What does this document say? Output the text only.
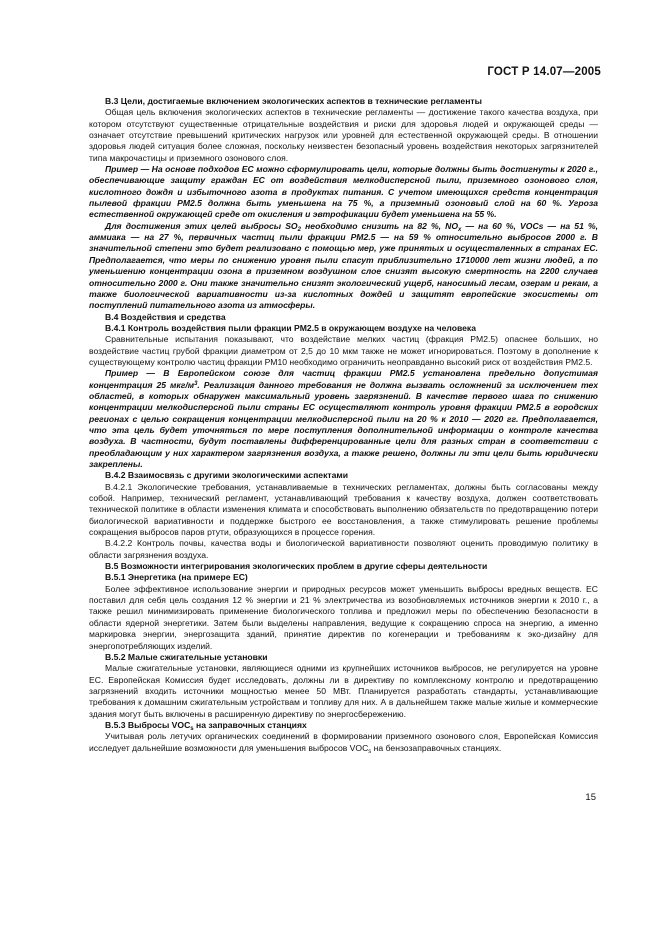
ГОСТ Р 14.07—2005

В.3 Цели, достигаемые включением экологических аспектов в технические регламенты

Общая цель включения экологических аспектов в технические регламенты — достижение такого качества воздуха, при котором отсутствуют существенные отрицательные воздействия и риски для здоровья людей и окружающей среды — означает отсутствие превышений критических нагрузок или уровней для естественной окружающей среды. В отношении здоровья людей ситуация более сложная, поскольку неизвестен безопасный уровень воздействия некоторых загрязнителей типа макрочастицы и приземного озонового слоя.

Пример — На основе подходов ЕС можно сформулировать цели, которые должны быть достигнуты к 2020 г., обеспечивающие защиту граждан ЕС от воздействия мелкодисперсной пыли, приземного озонового слоя, кислотного дождя и избыточного азота в продуктах питания. С учетом имеющихся средств концентрация пылевой фракции PM2.5 должна быть уменьшена на 75 %, а приземный озоновый слой на 60 %. Угроза естественной окружающей среде от окисления и эвтрофикации будет уменьшена на 55 %.

Для достижения этих целей выбросы $SO_2$ необходимо снизить на 82 %, $NO_x$ — на 60 %, VOCs — на 51 %, аммиака — на 27 %, первичных частиц пыли фракции PM2.5 — на 59 % относительно выбросов 2000 г. В значительной степени это будет реализовано с помощью мер, уже принятых и осуществленных в странах ЕС. Предполагается, что меры по снижению уровня пыли спасут приблизительно 1710000 лет жизни людей, а по уменьшению концентрации озона в приземном воздушном слое снизят высокую смертность на 2200 случаев относительно 2000 г. Они также значительно снизят экологический ущерб, наносимый лесам, озерам и рекам, а также биологической вариативности из-за кислотных дождей и защитят европейские экосистемы от поступлений питательного азота из атмосферы.

В.4 Воздействия и средства

В.4.1 Контроль воздействия пыли фракции PM2.5 в окружающем воздухе на человека

Сравнительные испытания показывают, что воздействие мелких частиц (фракция PM2.5) опаснее больших, но воздействие частиц грубой фракции диаметром от 2,5 до 10 мкм также не может игнорироваться. Поэтому в дополнение к существующему контролю частиц фракции PM10 необходимо ограничить неоправданно высокий риск от воздействия PM2.5.

Пример — В Европейском союзе для частиц фракции PM2.5 установлена предельно допустимая концентрация 25 мкг/$м^3$. Реализация данного требования не должна вызвать осложнений за исключением тех областей, в которых обнаружен максимальный уровень загрязнений. В качестве первого шага по снижению концентрации мелкодисперсной пыли страны ЕС осуществляют контроль уровня фракции PM2.5 в городских регионах с целью сокращения концентрации мелкодисперсной пыли на 20 % к 2010 — 2020 гг. Предполагается, что эта цель будет уточняться по мере поступления дополнительной информации о контроле качества воздуха. В частности, будут поставлены дифференцированные цели для разных стран в соответствии с преобладающим у них характером загрязнения воздуха, а также решено, должны ли эти цели быть юридически закреплены.

В.4.2 Взаимосвязь с другими экологическими аспектами

В.4.2.1 Экологические требования, устанавливаемые в технических регламентах, должны быть согласованы между собой. Например, технический регламент, устанавливающий требования к качеству воздуха, должен соответствовать технической политике в области изменения климата и способствовать выполнению обязательств по предотвращению потери биологической вариативности и поддержке быстрого ее восстановления, а также стимулировать решение проблемы сокращения выбросов паров ртути, образующихся в процессе горения.

В.4.2.2 Контроль почвы, качества воды и биологической вариативности позволяют оценить проводимую политику в области загрязнения воздуха.

В.5 Возможности интегрирования экологических проблем в другие сферы деятельности

В.5.1 Энергетика (на примере ЕС)

Более эффективное использование энергии и природных ресурсов может уменьшить выбросы вредных веществ. ЕС поставил для себя цель создания 12 % энергии и 21 % электричества из возобновляемых источников энергии к 2010 г., а также решил минимизировать применение биологического топлива и предложил меры по обеспечению безопасности в области ядерной энергетики. Затем были выделены направления, ведущие к сокращению спроса на энергию, а именно маркировка энергии, энергозащита зданий, принятие директив по когенерации и требованиям к эко-дизайну для энергопотребляющих изделий.

В.5.2 Малые сжигательные установки

Малые сжигательные установки, являющиеся одними из крупнейших источников выбросов, не регулируется на уровне ЕС. Европейская Комиссия будет исследовать, должны ли в директиву по комплексному контролю и предотвращению загрязнений входить источники мощностью менее 50 МВт. Планируется разработать стандарты, устанавливающие требования к домашним сжигательным устройствам и топливу для них. А в дальнейшем также малые жилые и коммерческие здания могут быть включены в расширенную директиву по энергосбережению.

В.5.3 Выбросы $VOC_s$ на заправочных станциях

Учитывая роль летучих органических соединений в формировании приземного озонового слоя, Европейская Комиссия исследует дальнейшие возможности для уменьшения выбросов $VOC_s$ на бензозаправочных станциях.

15
